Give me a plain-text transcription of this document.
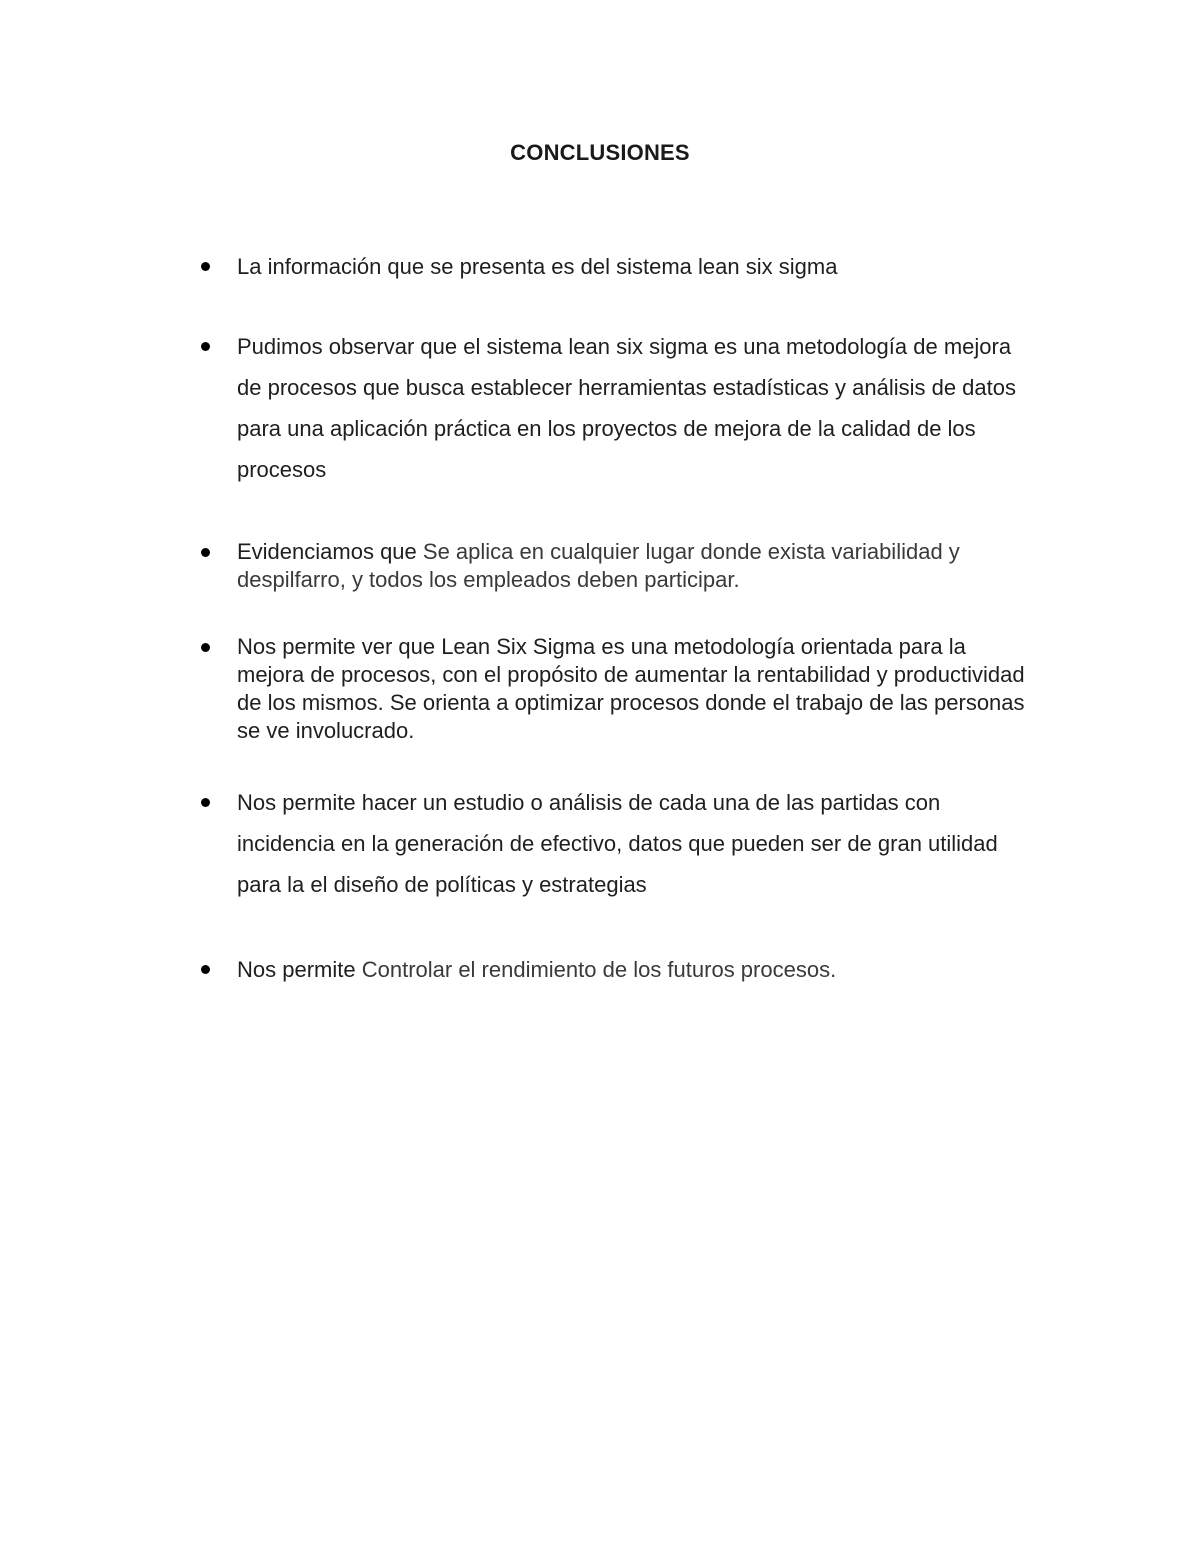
CONCLUSIONES
La información que se presenta es del sistema lean six sigma
Pudimos observar que el sistema lean six sigma es una metodología de mejora de procesos que busca establecer herramientas estadísticas y análisis de datos para una aplicación práctica en los proyectos de mejora de la calidad de los procesos
Evidenciamos que Se aplica en cualquier lugar donde exista variabilidad y despilfarro, y todos los empleados deben participar.
Nos permite ver que Lean Six Sigma es una metodología orientada para la mejora de procesos, con el propósito de aumentar la rentabilidad y productividad de los mismos. Se orienta a optimizar procesos donde el trabajo de las personas se ve involucrado.
Nos permite hacer un estudio o análisis de cada una de las partidas con incidencia en la generación de efectivo, datos que pueden ser de gran utilidad para la el diseño de políticas y estrategias
Nos permite Controlar el rendimiento de los futuros procesos.
